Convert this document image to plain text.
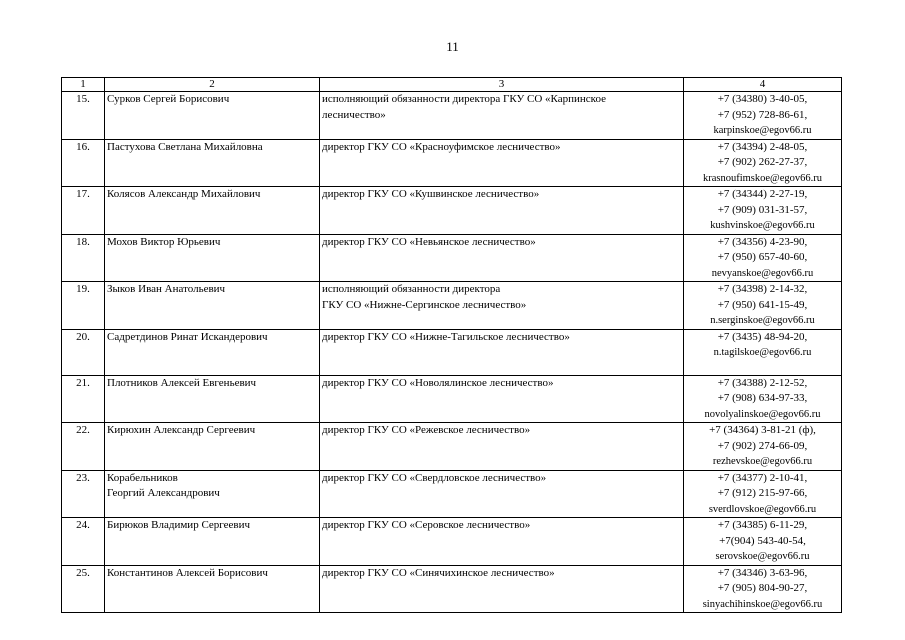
11
1	2	3	4
15.	Сурков Сергей Борисович	исполняющий обязанности директора ГКУ СО «Карпинское
лесничество»	+7 (34380) 3-40-05,
+7 (952) 728-86-61,
karpinskoe@egov66.ru

16.	Пастухова Светлана Михайловна	директор ГКУ СО «Красноуфимское лесничество»	+7 (34394) 2-48-05,
+7 (902) 262-27-37,
krasnoufimskoe@egov66.ru

17.	Колясов Александр Михайлович	директор ГКУ СО «Кушвинское лесничество»	+7 (34344) 2-27-19,
+7 (909) 031-31-57,
kushvinskoe@egov66.ru

18.	Мохов Виктор Юрьевич	директор ГКУ СО «Невьянское лесничество»	+7 (34356) 4-23-90,
+7 (950) 657-40-60,
nevyanskoe@egov66.ru

19.	Зыков Иван Анатольевич	исполняющий обязанности директора
ГКУ СО «Нижне-Сергинское лесничество»	+7 (34398) 2-14-32,
+7 (950) 641-15-49,
n.serginskoe@egov66.ru

20.	Садретдинов Ринат Искандерович	директор ГКУ СО «Нижне-Тагильское лесничество»	+7 (3435) 48-94-20,
n.tagilskoe@egov66.ru

21.	Плотников Алексей Евгеньевич	директор ГКУ СО «Новолялинское лесничество»	+7 (34388) 2-12-52,
+7 (908) 634-97-33,
novolyalinskoe@egov66.ru

22.	Кирюхин Александр Сергеевич	директор ГКУ СО «Режевское лесничество»	+7 (34364) 3-81-21 (ф),
+7 (902) 274-66-09,
rezhevskoe@egov66.ru

23.	Корабельников
Георгий Александрович	директор ГКУ СО «Свердловское лесничество»	+7 (34377) 2-10-41,
+7 (912) 215-97-66,
sverdlovskoe@egov66.ru

24.	Бирюков Владимир Сергеевич	директор ГКУ СО «Серовское лесничество»	+7 (34385) 6-11-29,
+7(904) 543-40-54,
serovskoe@egov66.ru

25.	Константинов Алексей Борисович	директор ГКУ СО «Синячихинское лесничество»	+7 (34346) 3-63-96,
+7 (905) 804-90-27,
sinyachihinskoe@egov66.ru
